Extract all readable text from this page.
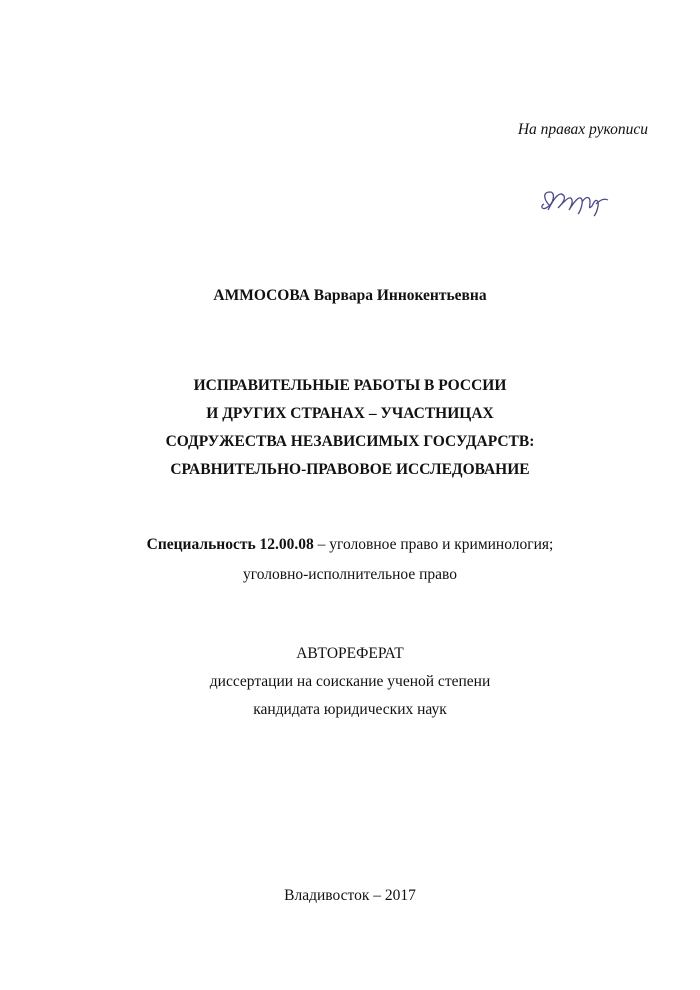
На правах рукописи
АММОСОВА Варвара Иннокентьевна
ИСПРАВИТЕЛЬНЫЕ РАБОТЫ В РОССИИ
И ДРУГИХ СТРАНАХ – УЧАСТНИЦАХ
СОДРУЖЕСТВА НЕЗАВИСИМЫХ ГОСУДАРСТВ:
СРАВНИТЕЛЬНО-ПРАВОВОЕ ИССЛЕДОВАНИЕ
Специальность 12.00.08 – уголовное право и криминология;
уголовно-исполнительное право
АВТОРЕФЕРАТ
диссертации на соискание ученой степени
кандидата юридических наук
Владивосток – 2017
